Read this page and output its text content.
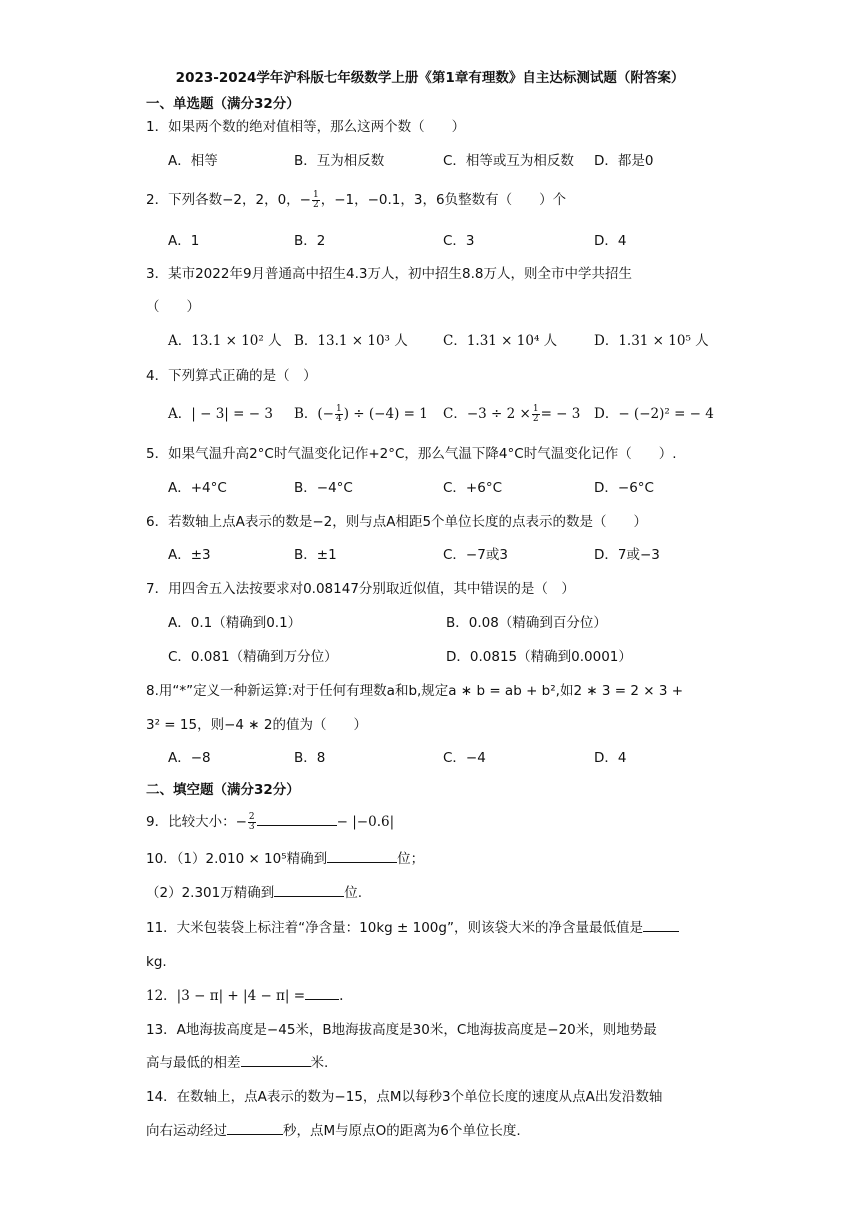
2023-2024学年沪科版七年级数学上册《第1章有理数》自主达标测试题（附答案）
一、单选题（满分32分）
1．如果两个数的绝对值相等，那么这两个数（　　）
A．相等	B．互为相反数	C．相等或互为相反数 D．都是0
2．下列各数−2，2，0，− $\frac{1}{2}$ ，−1，−0.1，3，6负整数有（　　）个
A．1	B．2	C．3	D．4
3．某市2022年9月普通高中招生4.3万人，初中招生8.8万人，则全市中学共招生
（　　）
A．13.1 × 10² 人 B．13.1 × 10³ 人	C．1.31 × 10⁴ 人	D．1.31 × 10⁵ 人
4．下列算式正确的是（　）
A．| − 3| = − 3 B．(− $\frac{1}{4}$ ) ÷ (−4) = 1 C．$-3 \div 2 \times \frac{1}{2}$ = − 3 D．− (−2)² = − 4
5．如果气温升高2°C时气温变化记作+2°C，那么气温下降4°C时气温变化记作（　　）.
A．+4°C	B．−4°C	C．+6°C	D．−6°C
6．若数轴上点A表示的数是−2，则与点A相距5个单位长度的点表示的数是（　　）
A．±3	B．±1	C．−7或3	D．7或−3
7．用四舍五入法按要求对0.08147分别取近似值，其中错误的是（　）
A．0.1（精确到0.1）	B．0.08（精确到百分位）
C．0.081（精确到万分位）	D．0.0815（精确到0.0001）
8.用“*”定义一种新运算:对于任何有理数a和b,规定a ∗ b = ab + b²,如2 ∗ 3 = 2 × 3 +
3² = 15，则−4 ∗ 2的值为（　　）
A．−8	B．8	C．−4	D．4
二、填空题（满分32分）
9．比较大小：− $\frac{2}{3}$	− |−0.6|
10．（1）2.010 × 10⁵精确到	位；
（2）2.301万精确到	位.
11．大米包装袋上标注着“净含量：10kg ± 100g”，则该袋大米的净含量最低值是
kg.
12．|3 − π| + |4 − π| =	.
13．A地海拔高度是−45米，B地海拔高度是30米，C地海拔高度是−20米，则地势最
高与最低的相差	米.
14．在数轴上，点A表示的数为−15，点M以每秒3个单位长度的速度从点A出发沿数轴
向右运动经过	秒，点M与原点O的距离为6个单位长度.
